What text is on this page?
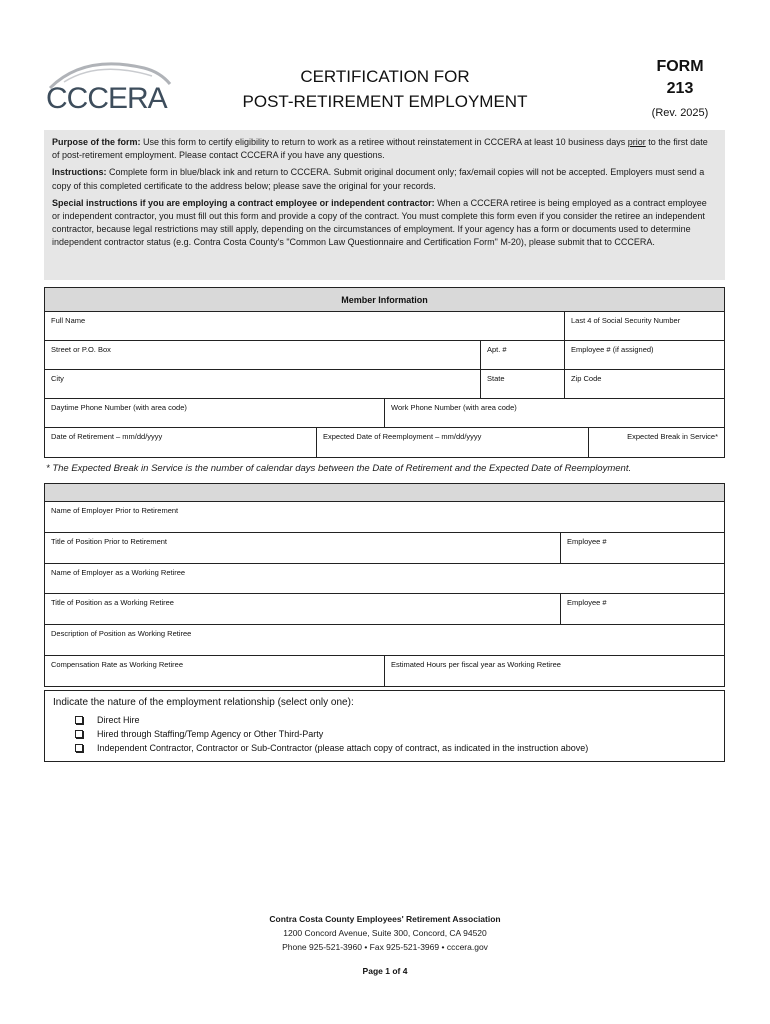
CCCERA
CERTIFICATION FOR
POST-RETIREMENT EMPLOYMENT
FORM
213
(Rev. 2025)

Purpose of the form: Use this form to certify eligibility to return to work as a retiree without reinstatement in CCCERA at least 10 business days prior to the first date of post-retirement employment. Please contact CCCERA if you have any questions.

Instructions: Complete form in blue/black ink and return to CCCERA. Submit original document only; fax/email copies will not be accepted. Employers must send a copy of this completed certificate to the address below; please save the original for your records.

Special instructions if you are employing a contract employee or independent contractor: When a CCCERA retiree is being employed as a contract employee or independent contractor, you must fill out this form and provide a copy of the contract. You must complete this form even if you consider the retiree an independent contractor, because legal restrictions may still apply, depending on the circumstances of employment. If your agency has a form or documents used to determine independent contractor status (e.g. Contra Costa County's "Common Law Questionnaire and Certification Form" M-20), please submit that to CCCERA.

Member Information
Full Name	Last 4 of Social Security Number
Street or P.O. Box	Apt. #	Employee # (if assigned)
City	State	Zip Code
Daytime Phone Number (with area code)	Work Phone Number (with area code)
Date of Retirement – mm/dd/yyyy	Expected Date of Reemployment – mm/dd/yyyy	Expected Break in Service*
* The Expected Break in Service is the number of calendar days between the Date of Retirement and the Expected Date of Reemployment.
Name of Employer Prior to Retirement
Title of Position Prior to Retirement	Employee #
Name of Employer as a Working Retiree
Title of Position as a Working Retiree	Employee #
Description of Position as Working Retiree
Compensation Rate as Working Retiree	Estimated Hours per fiscal year as Working Retiree
Indicate the nature of the employment relationship (select only one):
Direct Hire
Hired through Staffing/Temp Agency or Other Third-Party
Independent Contractor, Contractor or Sub-Contractor (please attach copy of contract, as indicated in the instruction above)
Contra Costa County Employees' Retirement Association
1200 Concord Avenue, Suite 300, Concord, CA 94520
Phone 925-521-3960 • Fax 925-521-3969 • cccera.gov
Page 1 of 4
